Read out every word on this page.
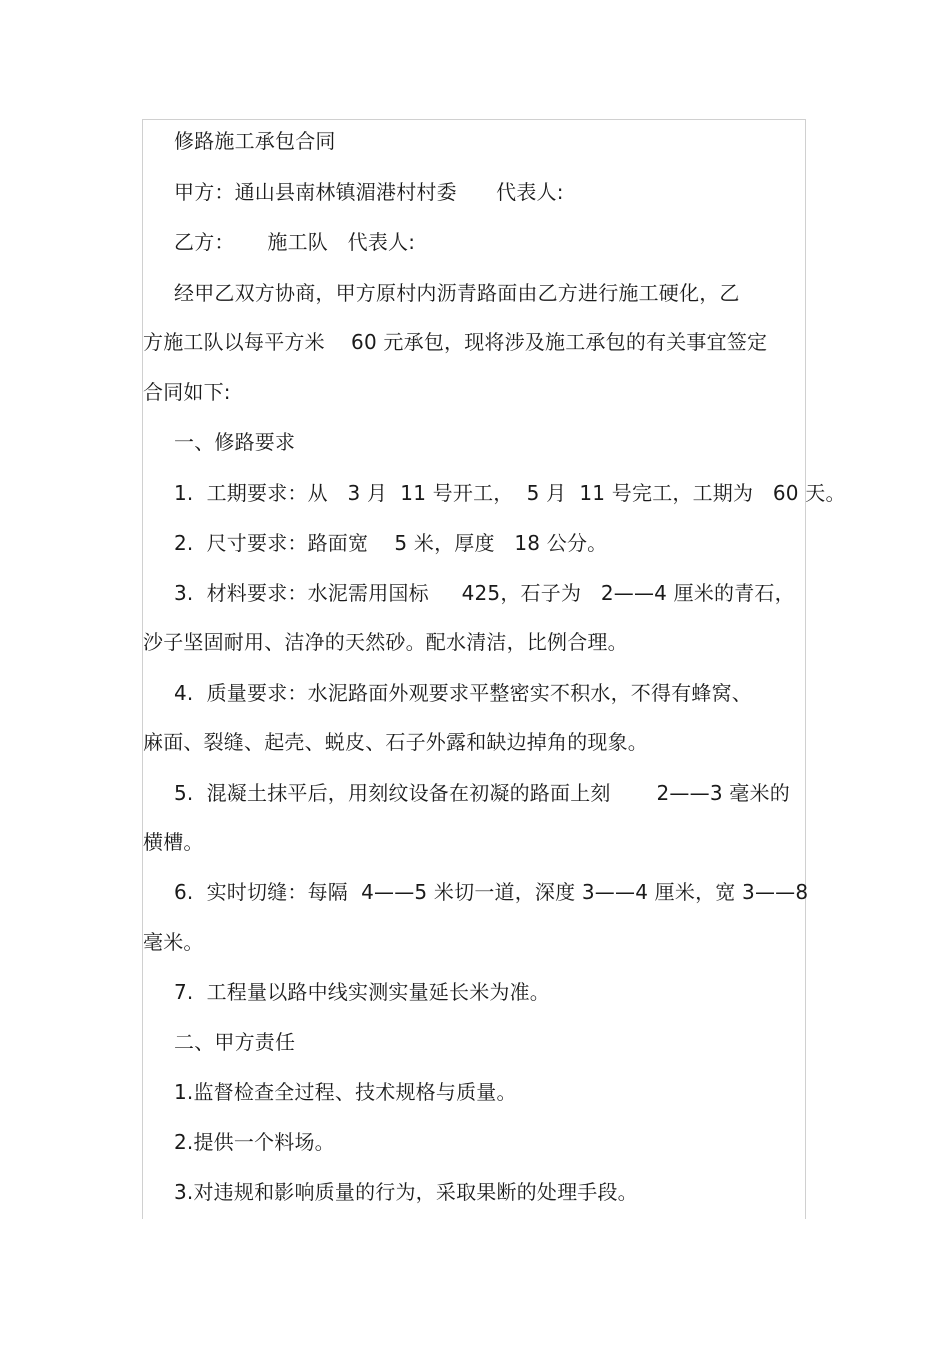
修路施工承包合同
甲方：通山县南林镇湄港村村委      代表人:
乙方：     施工队   代表人:
经甲乙双方协商，甲方原村内沥青路面由乙方进行施工硬化，乙
方施工队以每平方米    60 元承包，现将涉及施工承包的有关事宜签定
合同如下:
一、修路要求
1.  工期要求：从   3 月  11 号开工，  5 月  11 号完工，工期为   60 天。
2.  尺寸要求：路面宽    5 米，厚度   18 公分。
3.  材料要求：水泥需用国标     425，石子为   2——4 厘米的青石，
沙子坚固耐用、洁净的天然砂。配水清洁，比例合理。
4.  质量要求：水泥路面外观要求平整密实不积水，不得有蜂窝、
麻面、裂缝、起壳、蜕皮、石子外露和缺边掉角的现象。
5.  混凝土抹平后，用刻纹设备在初凝的路面上刻       2——3 毫米的
横槽。
6.  实时切缝：每隔  4——5 米切一道，深度 3——4 厘米，宽 3——8
毫米。
7.  工程量以路中线实测实量延长米为准。
二、甲方责任
1.监督检查全过程、技术规格与质量。
2.提供一个料场。
3.对违规和影响质量的行为，采取果断的处理手段。
